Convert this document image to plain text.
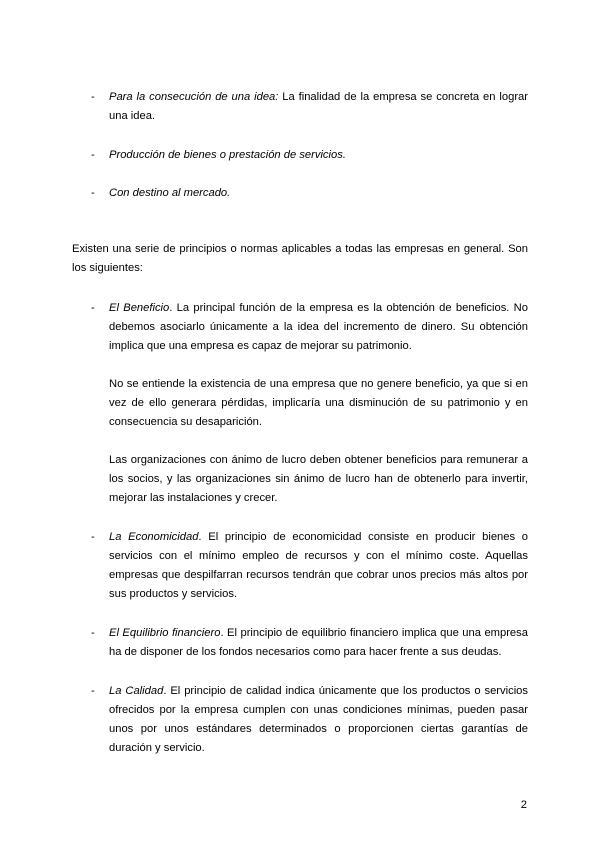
- Para la consecución de una idea: La finalidad de la empresa se concreta en lograr una idea.

- Producción de bienes o prestación de servicios.

- Con destino al mercado.

Existen una serie de principios o normas aplicables a todas las empresas en general. Son los siguientes:
- El Beneficio. La principal función de la empresa es la obtención de beneficios. No debemos asociarlo únicamente a la idea del incremento de dinero. Su obtención implica que una empresa es capaz de mejorar su patrimonio.

No se entiende la existencia de una empresa que no genere beneficio, ya que si en vez de ello generara pérdidas, implicaría una disminución de su patrimonio y en consecuencia su desaparición.

Las organizaciones con ánimo de lucro deben obtener beneficios para remunerar a los socios, y las organizaciones sin ánimo de lucro han de obtenerlo para invertir, mejorar las instalaciones y crecer.

- La Economicidad. El principio de economicidad consiste en producir bienes o servicios con el mínimo empleo de recursos y con el mínimo coste. Aquellas empresas que despilfarran recursos tendrán que cobrar unos precios más altos por sus productos y servicios.

- El Equilibrio financiero. El principio de equilibrio financiero implica que una empresa ha de disponer de los fondos necesarios como para hacer frente a sus deudas.

- La Calidad. El principio de calidad indica únicamente que los productos o servicios ofrecidos por la empresa cumplen con unas condiciones mínimas, pueden pasar unos por unos estándares determinados o proporcionen ciertas garantías de duración y servicio.

2
